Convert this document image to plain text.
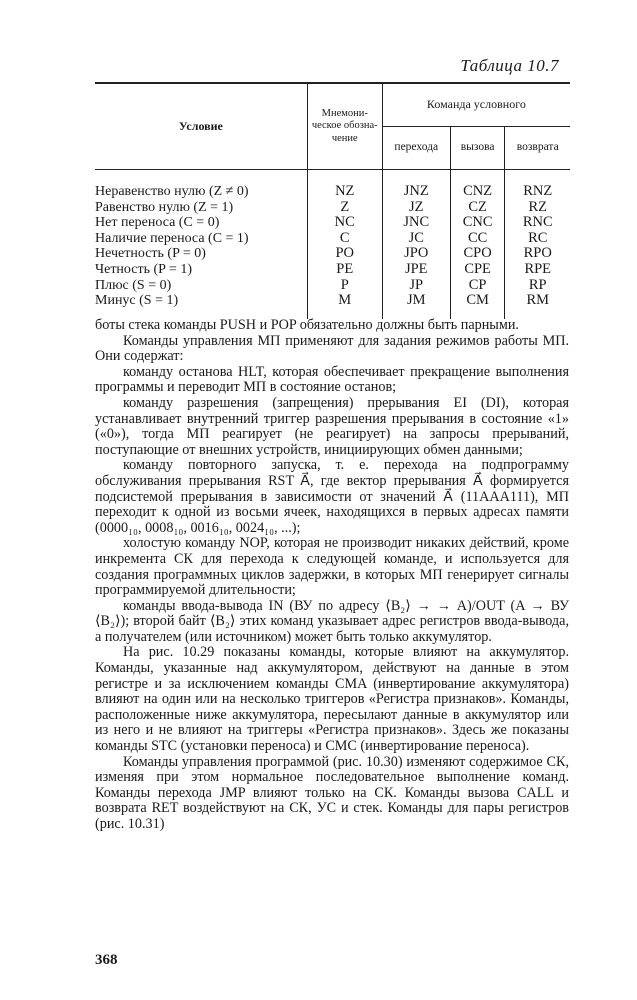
Таблица 10.7
Условие	Мнемони-ческое обозна-чение	Команда условного		
		перехода	вызова	возврата
Неравенство нулю (Z ≠ 0)	NZ	JNZ	CNZ	RNZ
Равенство нулю (Z = 1)	Z	JZ	CZ	RZ
Нет переноса (C = 0)	NC	JNC	CNC	RNC
Наличие переноса (C = 1)	C	JC	CC	RC
Нечетность (P = 0)	PO	JPO	CPO	RPO
Четность (P = 1)	PE	JPE	CPE	RPE
Плюс (S = 0)	P	JP	CP	RP
Минус (S = 1)	M	JM	CM	RM

боты стека команды PUSH и POP обязательно должны быть парными.

Команды управления МП применяют для задания режимов работы МП. Они содержат:

команду останова HLT, которая обеспечивает прекращение выполнения программы и переводит МП в состояние останов;

команду разрешения (запрещения) прерывания EI (DI), которая устанавливает внутренний триггер разрешения прерывания в состояние «1» («0»), тогда МП реагирует (не реагирует) на запросы прерываний, поступающие от внешних устройств, инициирующих обмен данными;

команду повторного запуска, т. е. перехода на подпрограмму обслуживания прерывания RST A⃗, где вектор прерывания A⃗ формируется подсистемой прерывания в зависимости от значений A⃗ (11AAA111), МП переходит к одной из восьми ячеек, находящихся в первых адресах памяти (0000₁₀, 0008₁₀, 0016₁₀, 0024₁₀, ...);

холостую команду NOP, которая не производит никаких действий, кроме инкремента СК для перехода к следующей команде, и используется для создания программных циклов задержки, в которых МП генерирует сигналы программируемой длительности;

команды ввода-вывода IN (ВУ по адресу ⟨B₂⟩ → → A)/OUT (A → ВУ ⟨B₂⟩); второй байт ⟨B₂⟩ этих команд указывает адрес регистров ввода-вывода, а получателем (или источником) может быть только аккумулятор.

На рис. 10.29 показаны команды, которые влияют на аккумулятор. Команды, указанные над аккумулятором, действуют на данные в этом регистре и за исключением команды CMA (инвертирование аккумулятора) влияют на один или на несколько триггеров «Регистра признаков». Команды, расположенные ниже аккумулятора, пересылают данные в аккумулятор или из него и не влияют на триггеры «Регистра признаков». Здесь же показаны команды STC (установки переноса) и CMC (инвертирование переноса).

Команды управления программой (рис. 10.30) изменяют содержимое СК, изменяя при этом нормальное последовательное выполнение команд. Команды перехода JMP влияют только на СК. Команды вызова CALL и возврата RET воздействуют на СК, УС и стек. Команды для пары регистров (рис. 10.31)

368
